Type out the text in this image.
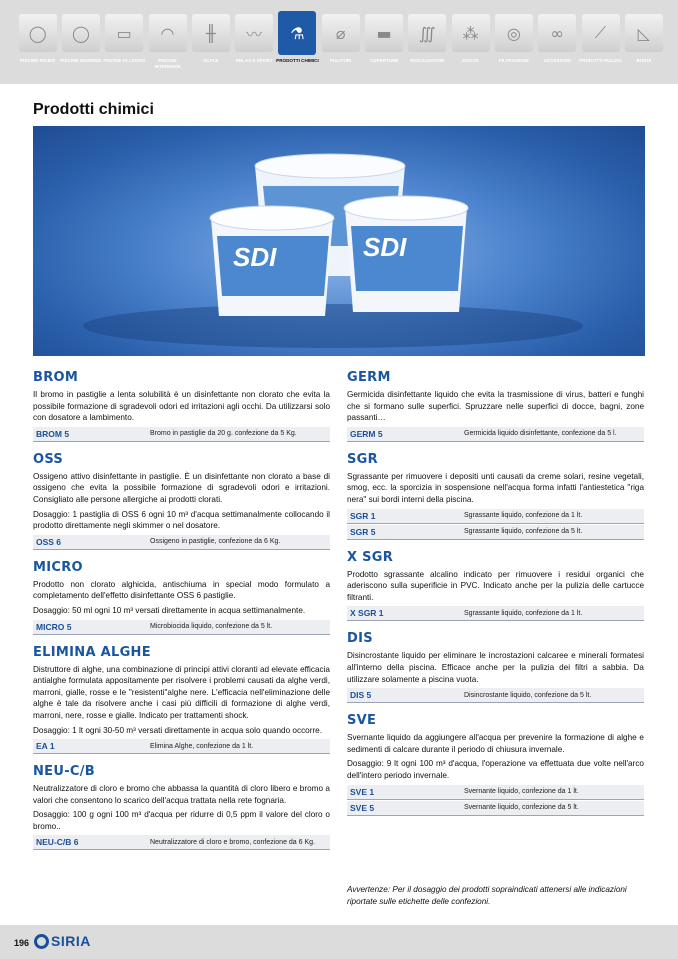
◯
PISCINE RIGIDE
◯
PISCINE MORBIDE
▭
PISCINE IN LEGNO
◠
PISCINE INTERRATE
╫
SCALE
〰
RELAX E SPORT
⚗
PRODOTTI CHIMICI
⌀
PULITORI
▬
COPERTURE
∭
RISCALDATORI
⁂
DOCCE
◎
FILTRAZIONE
∞
ACCESSORI
⟋
PRODOTTI PULIZIA
◺
BORDI
Prodotti chimici
SDI	SDI
BROM

Il bromo in pastiglie a lenta solubilità è un disinfettante non clorato che evita la possibile formazione di sgradevoli odori ed irritazioni agli occhi. Da utilizzarsi solo con dosatore a lambimento.

BROM 5	Bromo in pastiglie da 20 g. confezione da 5 Kg.
OSS

Ossigeno attivo disinfettante in pastiglie. È un disinfettante non clorato a base di ossigeno che evita la possibile formazione di sgradevoli odori e irritazioni. Consigliato alle persone allergiche ai prodotti clorati.

Dosaggio: 1 pastiglia di OSS 6 ogni 10 m³ d'acqua settimanalmente collocando il prodotto direttamente negli skimmer o nel dosatore.

OSS 6	Ossigeno in pastiglie, confezione da 6 Kg.
MICRO

Prodotto non clorato alghicida, antischiuma in special modo formulato a completamento dell'effetto disinfettante OSS 6 pastiglie.

Dosaggio: 50 ml ogni 10 m³ versati direttamente in acqua settimanalmente.

MICRO 5	Microbiocida liquido, confezione da 5 lt.
ELIMINA ALGHE

Distruttore di alghe, una combinazione di principi attivi cloranti ad elevate efficacia antialghe formulata appositamente per risolvere i problemi causati da alghe verdi, marroni, gialle, rosse e le "resistenti"alghe nere. L'efficacia nell'eliminazione delle alghe è tale da risolvere anche i casi più difficili di formazione di alghe verdi, marroni, nere, rosse e gialle. Indicato per trattamenti shock.

Dosaggio: 1 lt ogni 30-50 m³ versati direttamente in acqua solo quando occorre.

EA 1	Elimina Alghe, confezione da 1 lt.
NEU-C/B

Neutralizzatore di cloro e bromo che abbassa la quantità di cloro libero e bromo a valori che consentono lo scarico dell'acqua trattata nella rete fognaria.

Dosaggio: 100 g ogni 100 m³ d'acqua per ridurre di 0,5 ppm il valore del cloro o bromo..

NEU-C/B 6	Neutralizzatore di cloro e bromo, confezione da 6 Kg.
GERM

Germicida disinfettante liquido che evita la trasmissione di virus, batteri e funghi che si formano sulle superfici. Spruzzare nelle superfici di docce, bagni, zone passanti…

GERM 5	Germicida liquido disinfettante, confezione da 5 l.
SGR

Sgrassante per rimuovere i depositi unti causati da creme solari, resine vegetali, smog, ecc. la sporcizia in sospensione nell'acqua forma infatti l'antiestetica "riga nera" sui bordi interni della piscina.

SGR 1	Sgrassante liquido, confezione da 1 lt.
SGR 5	Sgrassante liquido, confezione da 5 lt.
X SGR

Prodotto sgrassante alcalino indicato per rimuovere i residui organici che aderiscono sulla superificie in PVC. Indicato anche per la pulizia delle cartucce filtranti.

X SGR 1	Sgrassante liquido, confezione da 1 lt.
DIS

Disincrostante liquido per eliminare le incrostazioni calcaree e minerali formatesi all'interno della piscina. Efficace anche per la pulizia dei filtri a sabbia. Da utilizzare solamente a piscina vuota.

DIS 5	Disincrostante liquido, confezione da 5 lt.
SVE

Svernante liquido da aggiungere all'acqua per prevenire la formazione di alghe e sedimenti di calcare durante il periodo di chiusura invernale.

Dosaggio: 9 lt ogni 100 m³ d'acqua, l'operazione va effettuata due volte nell'arco dell'intero periodo invernale.

SVE 1	Svernante liquido, confezione da 1 lt.
SVE 5	Svernante liquido, confezione da 5 lt.

Avvertenze: Per il dosaggio dei prodotti sopraindicati attenersi alle indicazioni riportate sulle etichette delle confezioni.

196 SIRIA
